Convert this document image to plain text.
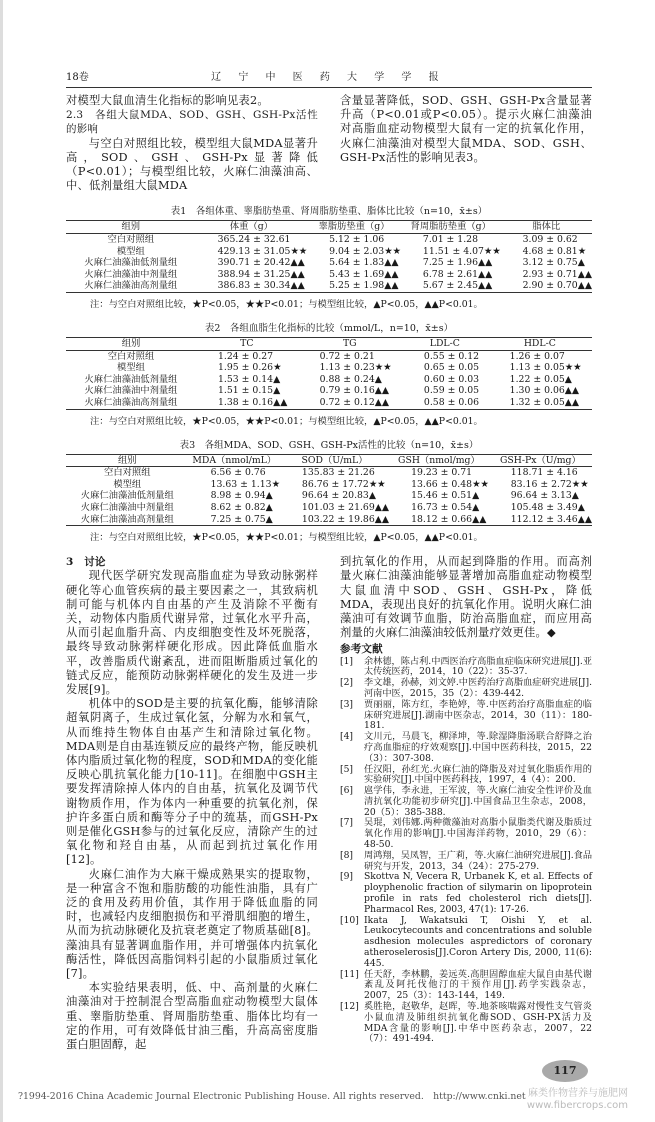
18卷	辽 宁 中 医 药 大 学 学 报

对模型大鼠血清生化指标的影响见表2。

2.3　各组大鼠MDA、SOD、GSH、GSH-Px活性的影响

与空白对照组比较，模型组大鼠MDA显著升高，SOD、GSH、GSH-Px显著降低（P<0.01）；与模型组比较，火麻仁油藻油高、中、低剂量组大鼠MDA

含量显著降低，SOD、GSH、GSH-Px含量显著升高（P<0.01或P<0.05）。提示火麻仁油藻油对高脂血症动物模型大鼠有一定的抗氧化作用，火麻仁油藻油对模型大鼠MDA、SOD、GSH、GSH-Px活性的影响见表3。

表1　各组体重、睾脂肪垫重、肾周脂肪垫重、脂体比比较（n=10，x̄±s）
组别	体重（g）	睾脂肪垫重（g）	肾周脂肪垫重（g）	脂体比
空白对照组	365.24 ± 32.61	5.12 ± 1.06	7.01 ± 1.28	3.09 ± 0.62
模型组	429.13 ± 31.05★★	9.04 ± 2.03★★	11.51 ± 4.07★★	4.68 ± 0.81★
火麻仁油藻油低剂量组	390.71 ± 20.42▲▲	5.64 ± 1.83▲▲	7.25 ± 1.96▲▲	3.12 ± 0.75▲
火麻仁油藻油中剂量组	388.94 ± 31.25▲▲	5.43 ± 1.69▲▲	6.78 ± 2.61▲▲	2.93 ± 0.71▲▲
火麻仁油藻油高剂量组	386.83 ± 30.34▲▲	5.25 ± 1.98▲▲	5.67 ± 2.45▲▲	2.90 ± 0.70▲▲
注：与空白对照组比较，★P<0.05，★★P<0.01；与模型组比较，▲P<0.05，▲▲P<0.01。
表2　各组血脂生化指标的比较（mmol/L，n=10，x̄±s）
组别	TC	TG	LDL-C	HDL-C
空白对照组	1.24 ± 0.27	0.72 ± 0.21	0.55 ± 0.12	1.26 ± 0.07
模型组	1.95 ± 0.26★	1.13 ± 0.23★★	0.65 ± 0.05	1.13 ± 0.05★★
火麻仁油藻油低剂量组	1.53 ± 0.14▲	0.88 ± 0.24▲	0.60 ± 0.03	1.22 ± 0.05▲
火麻仁油藻油中剂量组	1.51 ± 0.15▲	0.79 ± 0.16▲▲	0.59 ± 0.05	1.30 ± 0.06▲▲
火麻仁油藻油高剂量组	1.38 ± 0.16▲▲	0.72 ± 0.12▲▲	0.58 ± 0.06	1.32 ± 0.05▲▲
注：与空白对照组比较，★P<0.05，★★P<0.01；与模型组比较，▲P<0.05，▲▲P<0.01。
表3　各组MDA、SOD、GSH、GSH-Px活性的比较（n=10，x̄±s）
组别	MDA（nmol/mL）	SOD（U/mL）	GSH（nmol/mg）	GSH-Px（U/mg）
空白对照组	6.56 ± 0.76	135.83 ± 21.26	19.23 ± 0.71	118.71 ± 4.16
模型组	13.63 ± 1.13★	86.76 ± 17.72★★	13.66 ± 0.48★★	83.16 ± 2.72★★
火麻仁油藻油低剂量组	8.98 ± 0.94▲	96.64 ± 20.83▲	15.46 ± 0.51▲	96.64 ± 3.13▲
火麻仁油藻油中剂量组	8.62 ± 0.82▲	101.03 ± 21.69▲▲	16.73 ± 0.54▲	105.48 ± 3.49▲
火麻仁油藻油高剂量组	7.25 ± 0.75▲	103.22 ± 19.86▲▲	18.12 ± 0.66▲▲	112.12 ± 3.46▲▲
注：与空白对照组比较，★P<0.05，★★P<0.01；与模型组比较，▲P<0.05，▲▲P<0.01。

3　讨论

现代医学研究发现高脂血症为导致动脉粥样硬化等心血管疾病的最主要因素之一，其致病机制可能与机体内自由基的产生及消除不平衡有关，动物体内脂质代谢异常，过氧化水平升高，从而引起血脂升高、内皮细胞变性及坏死脱落，最终导致动脉粥样硬化形成。因此降低血脂水平，改善脂质代谢紊乱，进而阻断脂质过氧化的链式反应，能预防动脉粥样硬化的发生及进一步发展[9]。

机体中的SOD是主要的抗氧化酶，能够清除超氧阴离子，生成过氧化氢，分解为水和氧气，从而维持生物体自由基产生和清除过氧化物。MDA则是自由基连锁反应的最终产物，能反映机体内脂质过氧化物的程度，SOD和MDA的变化能反映心肌抗氧化能力[10-11]。在细胞中GSH主要发挥清除掉人体内的自由基，抗氧化及调节代谢物质作用，作为体内一种重要的抗氧化剂，保护许多蛋白质和酶等分子中的巯基，而GSH-Px则是催化GSH参与的过氧化反应，清除产生的过氧化物和羟自由基，从而起到抗过氧化作用[12]。

火麻仁油作为大麻干燥成熟果实的提取物，是一种富含不饱和脂肪酸的功能性油脂，具有广泛的食用及药用价值，其作用于降低血脂的同时，也减轻内皮细胞损伤和平滑肌细胞的增生，从而为抗动脉硬化及抗衰老奠定了物质基础[8]。藻油具有显著调血脂作用，并可增强体内抗氧化酶活性，降低因高脂饲料引起的小鼠脂质过氧化[7]。

本实验结果表明，低、中、高剂量的火麻仁油藻油对于控制混合型高脂血症动物模型大鼠体重、睾脂肪垫重、肾周脂肪垫重、脂体比均有一定的作用，可有效降低甘油三酯，升高高密度脂蛋白胆固醇，起

到抗氧化的作用，从而起到降脂的作用。而高剂量火麻仁油藻油能够显著增加高脂血症动物模型大鼠血清中SOD、GSH、GSH-Px，降低MDA，表现出良好的抗氧化作用。说明火麻仁油藻油可有效调节血脂，防治高脂血症，而应用高剂量的火麻仁油藻油较低剂量疗效更佳。◆

参考文献

[1]	余林德，陈占利.中西医治疗高脂血症临床研究进展[J].亚太传统医药，2014，10（22）：35-37.
[2]	李文雄，孙赫，刘文婷.中医药治疗高脂血症研究进展[J].河南中医，2015，35（2）：439-442.
[3]	贾丽丽，陈方红，李艳婷，等.中医药治疗高脂血症的临床研究进展[J].湖南中医杂志，2014，30（11）：180-181.
[4]	文川元，马晨飞，柳泽坤，等.除湿降脂汤联合舒降之治疗高血脂症的疗效观察[J].中国中医药科技，2015，22（3）：307-308.
[5]	任汉阳，孙红光.火麻仁油的降脂及对过氧化脂质作用的实验研究[J].中国中医药科技，1997，4（4）：200.
[6]	扈学伟，李永进，王军波，等.火麻仁油安全性评价及血清抗氧化功能初步研究[J].中国食品卫生杂志，2008，20（5）：385-388.
[7]	吴琨，刘伟娜.两种微藻油对高脂小鼠脂类代谢及脂质过氧化作用的影响[J].中国海洋药物，2010，29（6）：48-50.
[8]	周鸿翔，吴凤智，王广莉，等.火麻仁油研究进展[J].食品研究与开发，2013，34（24）：275-279.
[9]	Skottva N, Vecera R, Urbanek K, et al. Effects of ployphenolic fraction of silymarin on lipoprotein profile in rats fed cholesterol rich diets[J]. Pharmacol Res, 2003, 47(1): 17-26.
[10] Ikata J, Wakatsuki T, Oishi Y, et al. Leukocytecounts and concentrations and soluble asdhesion molecules aspredictors of coronary atheroselerosis[J].Coron Artery Dis, 2000, 11(6): 445.
[11] 任天舒，李林鹏，姜远英.高胆固醇血症大鼠自由基代谢紊乱及阿托伐他汀的干预作用[J].药学实践杂志，2007，25（3）：143-144，149.
[12] 奚胜艳，赵敬华，赵晖，等.地茶咳喘露对慢性支气管炎小鼠血清及肺组织抗氧化酶SOD、GSH-PX活力及MDA含量的影响[J].中华中医药杂志，2007，22（7）：491-494.
117
?1994-2016 China Academic Journal Electronic Publishing House. All rights reserved.　http://www.cnki.net 麻类作物营养与施肥网
www.fibercrops.com
